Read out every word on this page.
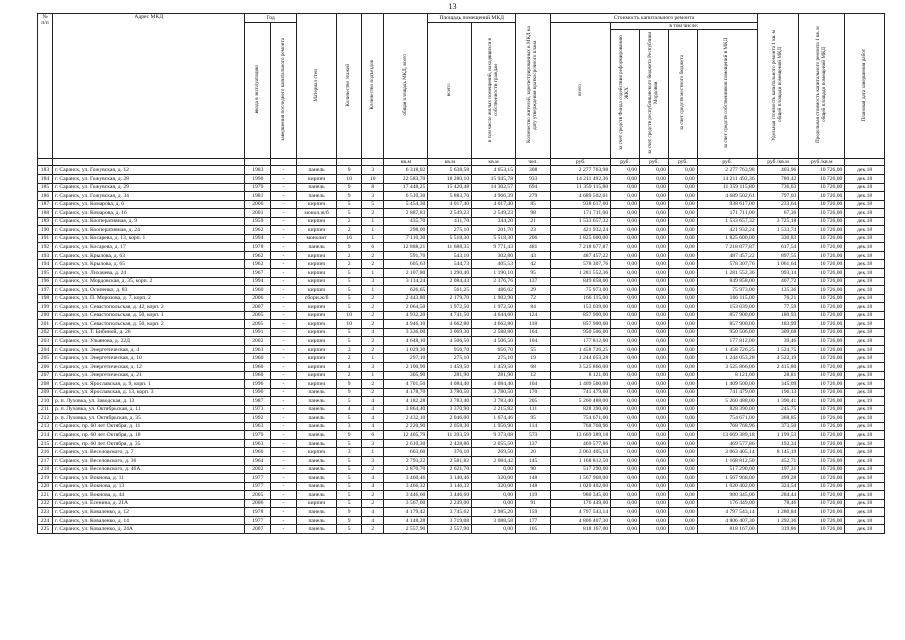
13
№
п/п	Адрес МКД	Год		Материал стен	Количество этажей	Количество подъездов	общая площадь МКД, всего	Площадь помещений МКД		Количество жителей, зарегистрированных в МКД на дату утверждения краткосрочного плана	Стоимость капитального ремонта					Удельная стоимость капитального ремонта 1 кв. м общей площади помещений МКД	Предельная стоимость капитального ремонта 1 кв. м общей площади помещений МКД	Плановая дата завершения работ
		ввода в эксплуатацию	завершения последнего капитального ремонта					всего:	в том числе жилых помещений, находящихся в собственности граждан		всего	в том числе:						
												за счет средств Фонда содействия реформированию ЖКХ	за счет средств республиканского бюджета Республики Мордовия	за счет средств местного бюджета	за счет средств собственников помещений в МКД			
							кв.м	кв.м	кв.м	чел.	руб.	руб.	руб.	руб.	руб.	руб./кв.м	руб./кв.м	
183	г. Саранск, ул. Гожувская, д. 12	1983	-	панель	9	3	6 318,02	5 638,58	4 653,15	308	2 277 763,98	0,00	0,00	0,00	2 277 763,98	403,96	10 726,00	дек.18
184	г. Саранск, ул. Гожувская, д. 28	1990	-	кирпич	10	10	22 583,70	18 280,10	15 945,78	933	14 211 492,36	0,00	0,00	0,00	14 211 492,36	780,42	10 726,00	дек.18
185	г. Саранск, ул. Гожувская, д. 29	1979	-	панель	9	8	17 448,25	15 420,48	14 302,57	694	11 359 115,80	0,00	0,00	0,00	11 359 115,80	736,63	10 726,00	дек.18
186	г. Саранск, ул. Гожувская, д. 34	1981	-	панель	9	3	6 510,30	5 883,70	4 966,39	279	4 689 502,61	0,00	0,00	0,00	4 689 502,61	797,03	10 726,00	дек.18
187	г. Саранск, ул. Комарова, д. 6	2006	-	кирпич	5	5	5 454,30	4 017,40	4 017,40	85	938 617,00	0,00	0,00	0,00	938 617,00	233,64	10 726,00	дек.18
188	г. Саранск, ул. Комарова, д. 16	2001	-	монол.ж/б	5	2	2 887,83	2 549,23	2 549,23	98	171 711,00	0,00	0,00	0,00	171 711,00	67,36	10 726,00	дек.18
189	г. Саранск, ул. Кооперативная, д. 9	1959	-	кирпич	2	1	435,70	411,70	344,20	21	1 533 657,32	0,00	0,00	0,00	1 533 657,32	3 725,18	10 726,00	дек.18
190	г. Саранск, ул. Кооперативная, д. 24	1962	-	кирпич	2	1	298,00	275,10	201,70	23	421 932,24	0,00	0,00	0,00	421 932,24	1 533,74	10 726,00	дек.18
191	г. Саранск, ул. Косарева, д. 13, корп. 1	1994	-	монолит	16	1	7 110,30	5 518,30	5 518,30	206	1 825 600,00	0,00	0,00	0,00	1 825 600,00	330,83	10 726,00	дек.18
192	г. Саранск, ул. Косарева, д. 17	1978	-	панель	9	6	12 888,21	11 688,35	9 771,43	481	7 218 077,87	0,00	0,00	0,00	7 218 077,87	617,54	10 726,00	дек.18
193	г. Саранск, ул. Крылова, д. 63	1962	-	кирпич	2	2	591,70	543,10	302,80	43	487 457,22	0,00	0,00	0,00	487 457,22	897,55	10 726,00	дек.18
194	г. Саранск, ул. Крылова, д. 65	1962	-	кирпич	2	2	605,63	544,73	405,53	42	578 307,76	0,00	0,00	0,00	578 307,76	1 061,64	10 726,00	дек.18
195	г. Саранск, ул. Лихачева, д. 24	1967	-	кирпич	5	1	2 107,80	1 290,40	1 190,10	95	1 281 552,36	0,00	0,00	0,00	1 281 552,36	993,14	10 726,00	дек.18
196	г. Саранск, ул. Мордовская, д. 35, корп. 2	1994	-	кирпич	5	3	3 114,24	2 084,43	2 376,76	137	849 858,00	0,00	0,00	0,00	849 858,00	407,72	10 726,00	дек.18
197	г. Саранск, ул. Осипенко, д. 83	1960	-	кирпич	5	1	626,65	561,25	486,02	29	75 973,00	0,00	0,00	0,00	75 973,00	135,36	10 726,00	дек.18
198	г. Саранск, ул. П. Морозова, д. 7, корп. 2	2006	-	сборн.ж/б	5	2	2 443,80	2 179,70	1 902,90	72	166 115,00	0,00	0,00	0,00	166 115,00	76,21	10 726,00	дек.18
199	г. Саранск, ул. Севастопольская, д. 42, корп. 2	2007	-	кирпич	5	2	2 064,50	1 972,50	1 972,50	84	153 039,00	0,00	0,00	0,00	153 039,00	77,59	10 726,00	дек.18
200	г. Саранск, ул. Севастопольская, д. 50, корп. 1	2005	-	кирпич	10	2	4 932,20	4 741,50	4 644,60	124	857 900,00	0,00	0,00	0,00	857 900,00	180,93	10 726,00	дек.18
201	г. Саранск, ул. Севастопольская, д. 50, корп. 2	2005	-	кирпич	10	2	4 946,10	4 662,80	4 662,80	118	857 900,00	0,00	0,00	0,00	857 900,00	183,99	10 726,00	дек.18
202	г. Саранск, ул. Т. Бибиной, д. 26	1991	-	кирпич	5	4	3 336,00	3 069,30	2 588,80	164	950 506,00	0,00	0,00	0,00	950 506,00	309,68	10 726,00	дек.18
203	г. Саранск, ул. Ульянова, д. 22Д	2002	-	кирпич	5	2	4 648,10	4 506,50	4 506,50	104	177 812,00	0,00	0,00	0,00	177 812,00	39,46	10 726,00	дек.18
204	г. Саранск, ул. Энергетическая, д. 4	1963	-	кирпич	3	2	1 029,30	956,70	956,70	55	1 458 726,25	0,00	0,00	0,00	1 458 726,25	1 524,75	10 726,00	дек.18
205	г. Саранск, ул. Энергетическая, д. 10	1960	-	кирпич	2	1	297,10	275,10	275,10	19	1 244 053,28	0,00	0,00	0,00	1 244 053,28	4 522,19	10 726,00	дек.18
206	г. Саранск, ул. Энергетическая, д. 12	1960	-	кирпич	4	3	2 100,90	1 459,50	1 459,50	68	3 525 866,00	0,00	0,00	0,00	3 525 866,00	2 415,80	10 726,00	дек.18
207	г. Саранск, ул. Энергетическая, д. 21	1960	-	кирпич	2	1	305,90	281,90	281,90	12	8 121,00	0,00	0,00	0,00	8 121,00	28,81	10 726,00	дек.18
208	г. Саранск, ул. Ярославская, д. 9, корп. 1	1996	-	кирпич	9	2	4 701,50	4 084,40	4 084,40	104	1 409 500,00	0,00	0,00	0,00	1 409 500,00	345,09	10 726,00	дек.18
209	г. Саранск, ул. Ярославская, д. 13, корп. 3	1990	-	панель	9	2	4 178,70	3 780,50	3 780,50	170	741 479,00	0,00	0,00	0,00	741 479,00	196,13	10 726,00	дек.18
210	р. п. Луховка, ул. Заводская, д. 13	1987	-	панель	5	4	4 182,28	3 783,40	3 783,40	205	5 260 488,00	0,00	0,00	0,00	5 260 488,00	1 390,41	10 726,00	дек.19
211	р. п. Луховка, ул. Октябрьская, д. 11	1973	-	панель	4	4	3 864,40	3 370,90	2 215,82	111	828 390,00	0,00	0,00	0,00	828 390,00	245,75	10 726,00	дек.18
212	р. п. Луховка, ул. Октябрьская, д. 35	1992	-	панель	5	4	2 432,10	2 046,00	1 674,46	95	754 671,00	0,00	0,00	0,00	754 671,00	368,85	10 726,00	дек.18
213	г. Саранск, пр. 60 лет Октября, д. 11	1963	-	панель	3	4	2 220,90	2 058,30	1 956,90	114	768 768,96	0,00	0,00	0,00	768 768,96	373,50	10 726,00	дек.18
214	г. Саранск, пр. 60 лет Октября, д. 18	1979	-	панель	9	6	12 405,79	11 393,59	9 373,08	573	13 669 389,18	0,00	0,00	0,00	13 669 389,18	1 199,53	10 726,00	дек.18
215	г. Саранск, пр. 60 лет Октября, д. 35	1963	-	панель	5	3	2 610,30	2 428,80	2 055,50	137	469 577,86	0,00	0,00	0,00	469 577,86	193,34	10 726,00	дек.18
216	г. Саранск, ул. Веселовского, д. 7	1966	-	кирпич	3	1	663,60	376,10	269,50	20	3 063 405,14	0,00	0,00	0,00	3 063 405,14	8 145,19	10 726,00	дек.18
217	г. Саранск, ул. Веселовского, д. 36	1964	-	панель	5	3	2 793,22	2 581,82	2 084,42	145	1 168 812,50	0,00	0,00	0,00	1 168 812,50	452,71	10 726,00	дек.18
218	г. Саранск, ул. Веселовского, д. 46А	2002	-	панель	5	2	2 870,70	2 621,70	0,00	90	517 290,00	0,00	0,00	0,00	517 290,00	197,31	10 726,00	дек.18
219	г. Саранск, ул. Вокнова, д. 11	1977	-	панель	5	4	3 460,46	3 140,46	320,00	148	1 567 968,00	0,00	0,00	0,00	1 567 968,00	499,28	10 726,00	дек.18
220	г. Саранск, ул. Вокнова, д. 13	1977	-	панель	5	4	3 466,32	3 146,32	320,00	148	1 020 402,00	0,00	0,00	0,00	1 020 402,00	324,54	10 726,00	дек.18
221	г. Саранск, ул. Вокнова, д. 44	2005	-	панель	5	2	3 446,60	3 446,60	0,00	119	980 345,00	0,00	0,00	0,00	980 345,00	284,44	10 726,00	дек.18
222	г. Саранск, ул. Есенина, д. 21А	2006	-	кирпич	5	2	3 567,00	2 249,00	0,00	91	176 449,00	0,00	0,00	0,00	176 449,00	78,46	10 726,00	дек.18
223	г. Саранск, ул. Коваленко, д. 12	1978	-	панель	9	4	4 179,42	3 745,62	2 985,20	159	4 797 543,14	0,00	0,00	0,00	4 797 543,14	1 280,84	10 726,00	дек.18
224	г. Саранск, ул. Коваленко, д. 14	1977	-	панель	9	4	4 148,28	3 719,08	3 088,58	177	4 806 407,30	0,00	0,00	0,00	4 806 407,30	1 292,36	10 726,00	дек.18
225	г. Саранск, ул. Коваленко, д. 24А	2007	-	панель	5	2	2 557,90	2 557,90	0,00	105	818 167,00	0,00	0,00	0,00	818 167,00	319,86	10 726,00	дек.18
